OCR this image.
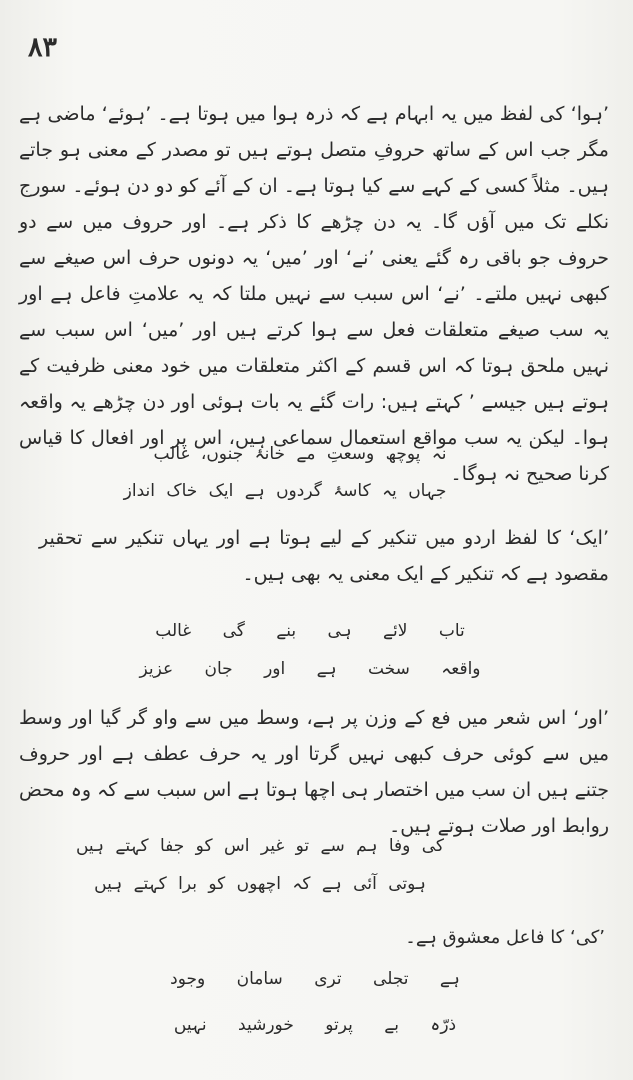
۸۳

’ہوا‘ کی لفظ میں یہ ابہام ہے کہ ذرہ ہوا میں ہوتا ہے۔ ’ہوئے‘ ماضی ہے مگر جب اس کے ساتھ حروفِ متصل ہوتے ہیں تو مصدر کے معنی ہو جاتے ہیں۔ مثلاً کسی کے کہے سے کیا ہوتا ہے۔ ان کے آئے کو دو دن ہوئے۔ سورج نکلے تک میں آؤں گا۔ یہ دن چڑھے کا ذکر ہے۔ اور حروف میں سے دو حروف جو باقی رہ گئے یعنی ’نے‘ اور ’میں‘ یہ دونوں حرف اس صیغے سے کبھی نہیں ملتے۔ ’نے‘ اس سبب سے نہیں ملتا کہ یہ علامتِ فاعل ہے اور یہ سب صیغے متعلقات فعل سے ہوا کرتے ہیں اور ’میں‘ اس سبب سے نہیں ملحق ہوتا کہ اس قسم کے اکثر متعلقات میں خود معنی ظرفیت کے ہوتے ہیں جیسے ’ کہتے ہیں: رات گئے یہ بات ہوئی اور دن چڑھے یہ واقعہ ہوا۔ لیکن یہ سب مواقع استعمال سماعی ہیں، اس پر اور افعال کا قیاس کرنا صحیح نہ ہوگا۔

نہ پوچھ وسعتِ مے خانۂ جنوں، غالب
جہاں یہ کاسۂ گردوں ہے ایک خاک انداز

’ایک‘ کا لفظ اردو میں تنکیر کے لیے ہوتا ہے اور یہاں تنکیر سے تحقیر مقصود ہے کہ تنکیر کے ایک معنی یہ بھی ہیں۔

تاب لائے ہی بنے گی غالب
واقعہ سخت ہے اور جان عزیز

’اور‘ اس شعر میں فع کے وزن پر ہے، وسط میں سے واو گر گیا اور وسط میں سے کوئی حرف کبھی نہیں گرتا اور یہ حرف عطف ہے اور حروف جتنے ہیں ان سب میں اختصار ہی اچھا ہوتا ہے اس سبب سے کہ وہ محض روابط اور صلات ہوتے ہیں۔

کی وفا ہم سے تو غیر اس کو جفا کہتے ہیں
ہوتی آئی ہے کہ اچھوں کو برا کہتے ہیں

’کی‘ کا فاعل معشوق ہے۔

ہے تجلی تری سامان وجود
ذرّہ بے پرتو خورشید نہیں
